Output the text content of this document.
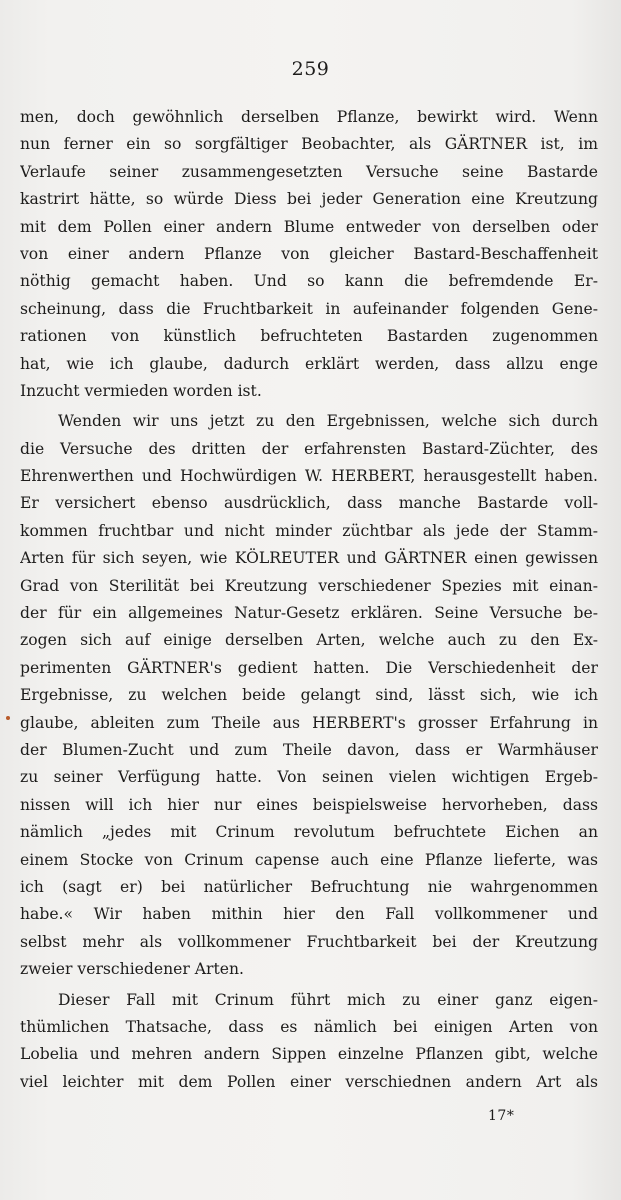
259
men, doch gewöhnlich derselben Pflanze, bewirkt wird. Wenn
nun ferner ein so sorgfältiger Beobachter, als GÄRTNER ist, im
Verlaufe seiner zusammengesetzten Versuche seine Bastarde
kastrirt hätte, so würde Diess bei jeder Generation eine Kreutzung
mit dem Pollen einer andern Blume entweder von derselben oder
von einer andern Pflanze von gleicher Bastard-Beschaffenheit
nöthig gemacht haben. Und so kann die befremdende Er-
scheinung, dass die Fruchtbarkeit in aufeinander folgenden Gene-
rationen von künstlich befruchteten Bastarden zugenommen
hat, wie ich glaube, dadurch erklärt werden, dass allzu enge
Inzucht vermieden worden ist.
Wenden wir uns jetzt zu den Ergebnissen, welche sich durch
die Versuche des dritten der erfahrensten Bastard-Züchter, des
Ehrenwerthen und Hochwürdigen W. HERBERT, herausgestellt haben.
Er versichert ebenso ausdrücklich, dass manche Bastarde voll-
kommen fruchtbar und nicht minder züchtbar als jede der Stamm-
Arten für sich seyen, wie KÖLREUTER und GÄRTNER einen gewissen
Grad von Sterilität bei Kreutzung verschiedener Spezies mit einan-
der für ein allgemeines Natur-Gesetz erklären. Seine Versuche be-
zogen sich auf einige derselben Arten, welche auch zu den Ex-
perimenten GÄRTNER's gedient hatten. Die Verschiedenheit der
Ergebnisse, zu welchen beide gelangt sind, lässt sich, wie ich
glaube, ableiten zum Theile aus HERBERT's grosser Erfahrung in
der Blumen-Zucht und zum Theile davon, dass er Warmhäuser
zu seiner Verfügung hatte. Von seinen vielen wichtigen Ergeb-
nissen will ich hier nur eines beispielsweise hervorheben, dass
nämlich „jedes mit Crinum revolutum befruchtete Eichen an
einem Stocke von Crinum capense auch eine Pflanze lieferte, was
ich (sagt er) bei natürlicher Befruchtung nie wahrgenommen
habe.« Wir haben mithin hier den Fall vollkommener und
selbst mehr als vollkommener Fruchtbarkeit bei der Kreutzung
zweier verschiedener Arten.
Dieser Fall mit Crinum führt mich zu einer ganz eigen-
thümlichen Thatsache, dass es nämlich bei einigen Arten von
Lobelia und mehren andern Sippen einzelne Pflanzen gibt, welche
viel leichter mit dem Pollen einer verschiednen andern Art als
17*
